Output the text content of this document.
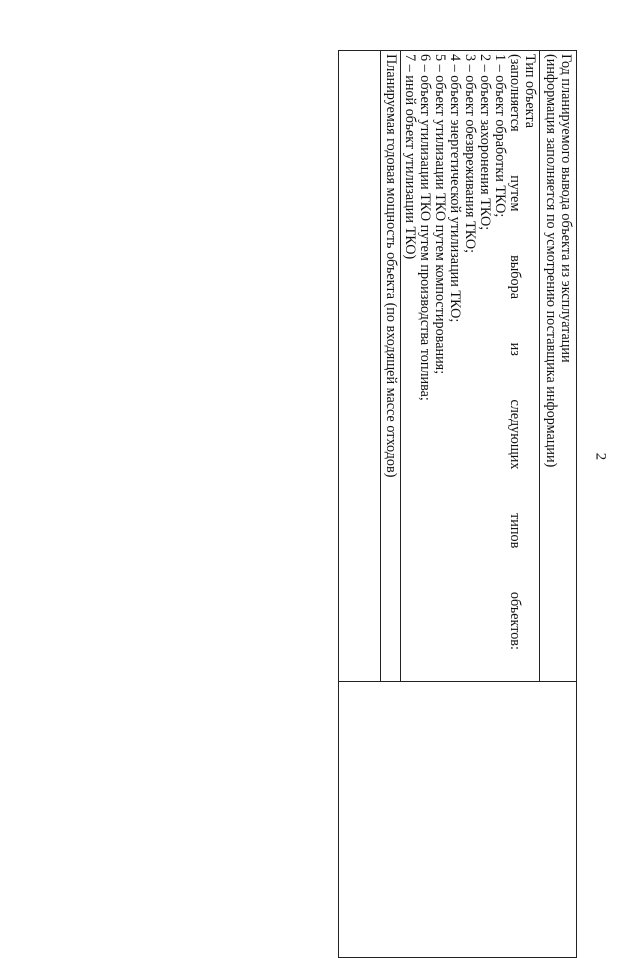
2
Год планируемого вывода объекта из эксплуатации
(информация заполняется по усмотрению поставщика информации)
Тип объекта
(заполняется
путем
выбора
из
следующих
типов
объектов:
1 – объект обработки ТКО;
2 – объект захоронения ТКО;
3 – объект обезвреживания ТКО;
4 – объект энергетической утилизации ТКО;
5 – объект утилизации ТКО путем компостирования;
6 – объект утилизации ТКО путем производства топлива;
7 – иной объект утилизации ТКО)
Планируемая годовая мощность объекта (по входящей массе отходов)
